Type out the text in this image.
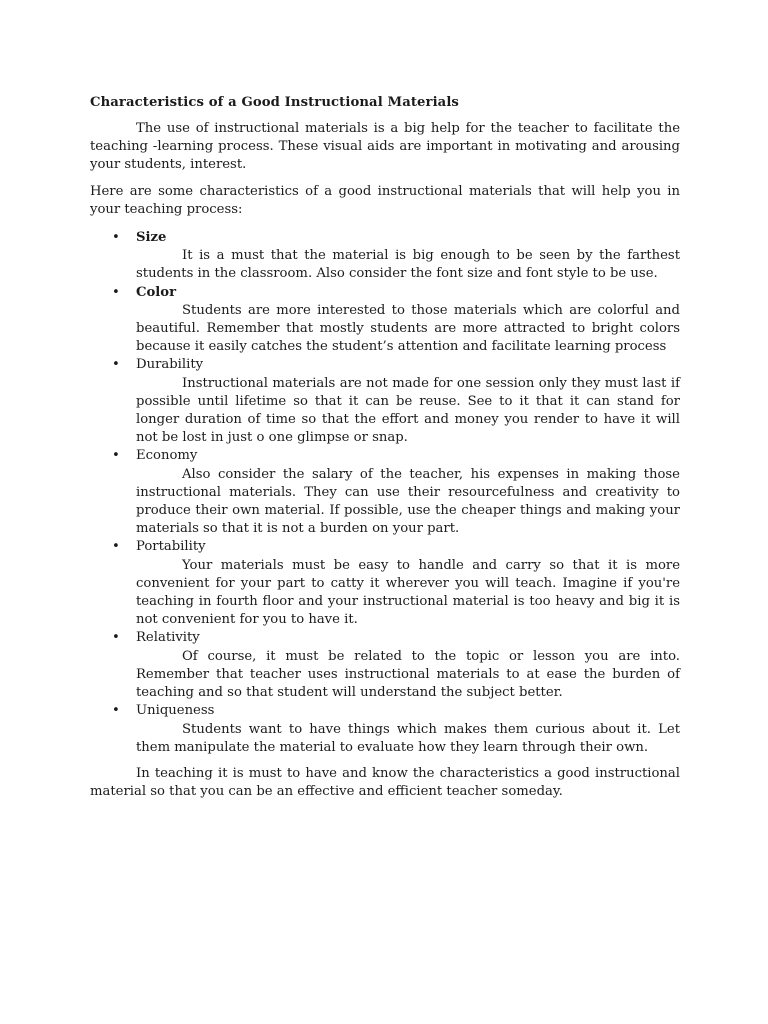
Characteristics of a Good Instructional Materials

The use of instructional materials is a big help for the teacher to facilitate the teaching -learning process. These visual aids are important in motivating and arousing your students, interest.

Here are some characteristics of a good instructional materials that will help you in your teaching process:

• Size

It is a must that the material is big enough to be seen by the farthest students in the classroom. Also consider the font size and font style to be use.

• Color

Students are more interested to those materials which are colorful and beautiful. Remember that mostly students are more attracted to bright colors because it easily catches the student’s attention and facilitate learning process

• Durability

Instructional materials are not made for one session only they must last if possible until lifetime so that it can be reuse. See to it that it can stand for longer duration of time so that the effort and money you render to have it will not be lost in just o one glimpse or snap.

• Economy

Also consider the salary of the teacher, his expenses in making those instructional materials. They can use their resourcefulness and creativity to produce their own material. If possible, use the cheaper things and making your materials so that it is not a burden on your part.

• Portability

Your materials must be easy to handle and carry so that it is more convenient for your part to catty it wherever you will teach. Imagine if you're teaching in fourth floor and your instructional material is too heavy and big it is not convenient for you to have it.

• Relativity

Of course, it must be related to the topic or lesson you are into. Remember that teacher uses instructional materials to at ease the burden of teaching and so that student will understand the subject better.

• Uniqueness

Students want to have things which makes them curious about it. Let them manipulate the material to evaluate how they learn through their own.

In teaching it is must to have and know the characteristics a good instructional material so that you can be an effective and efficient teacher someday.
